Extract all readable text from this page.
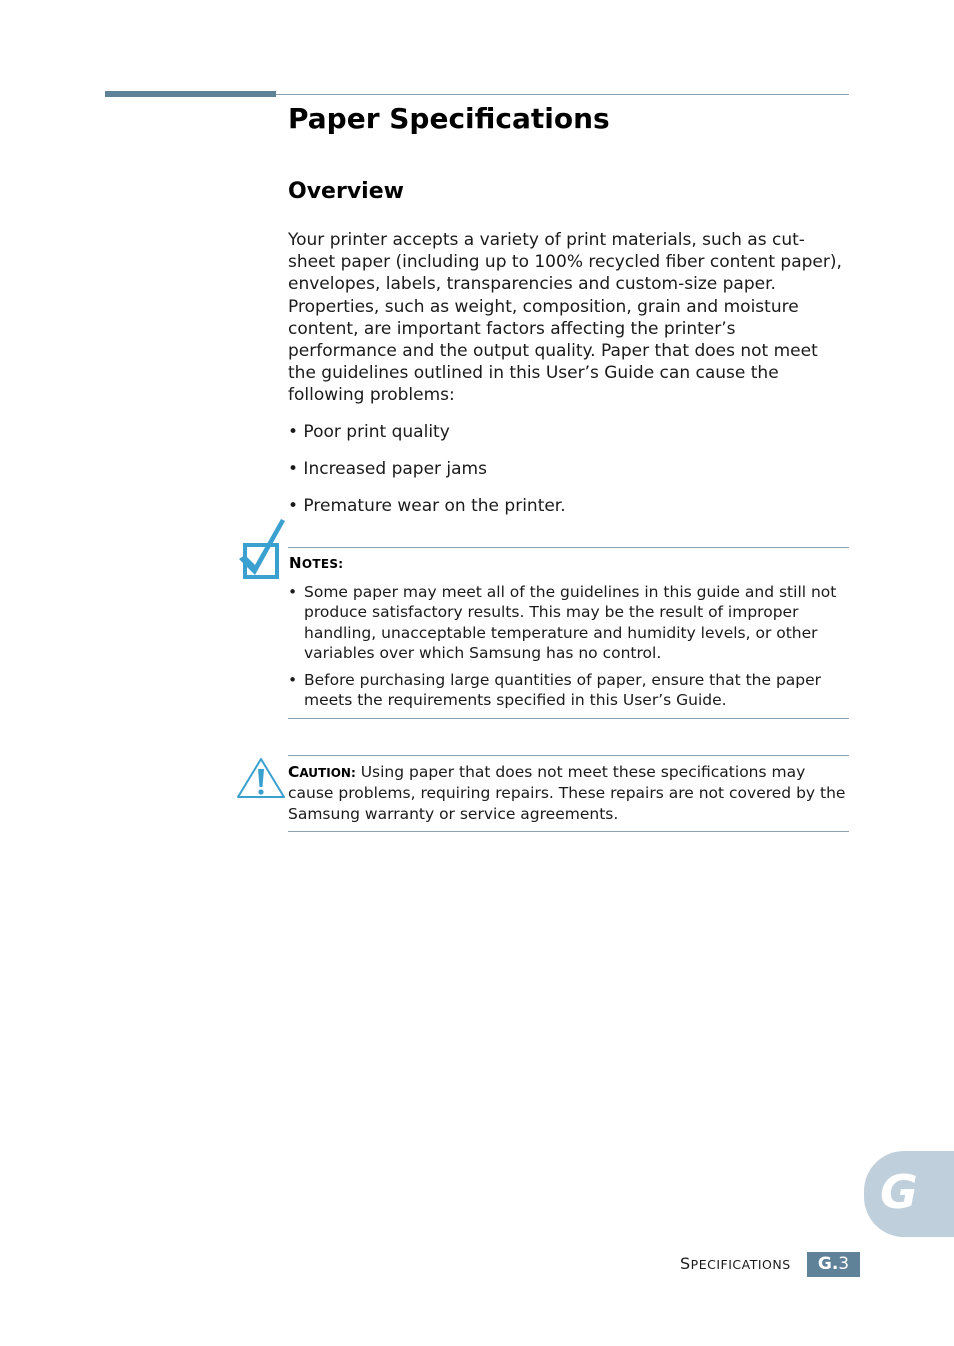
Paper Specifications
Overview

Your printer accepts a variety of print materials, such as cut-sheet paper (including up to 100% recycled fiber content paper), envelopes, labels, transparencies and custom-size paper. Properties, such as weight, composition, grain and moisture content, are important factors affecting the printer’s performance and the output quality. Paper that does not meet the guidelines outlined in this User’s Guide can cause the following problems:

• Poor print quality
• Increased paper jams
• Premature wear on the printer.
NOTES:
• Some paper may meet all of the guidelines in this guide and still not produce satisfactory results. This may be the result of improper handling, unacceptable temperature and humidity levels, or other variables over which Samsung has no control.
• Before purchasing large quantities of paper, ensure that the paper meets the requirements specified in this User’s Guide.
CAUTION: Using paper that does not meet these specifications may cause problems, requiring repairs. These repairs are not covered by the Samsung warranty or service agreements.
G
SPECIFICATIONS	G.3
